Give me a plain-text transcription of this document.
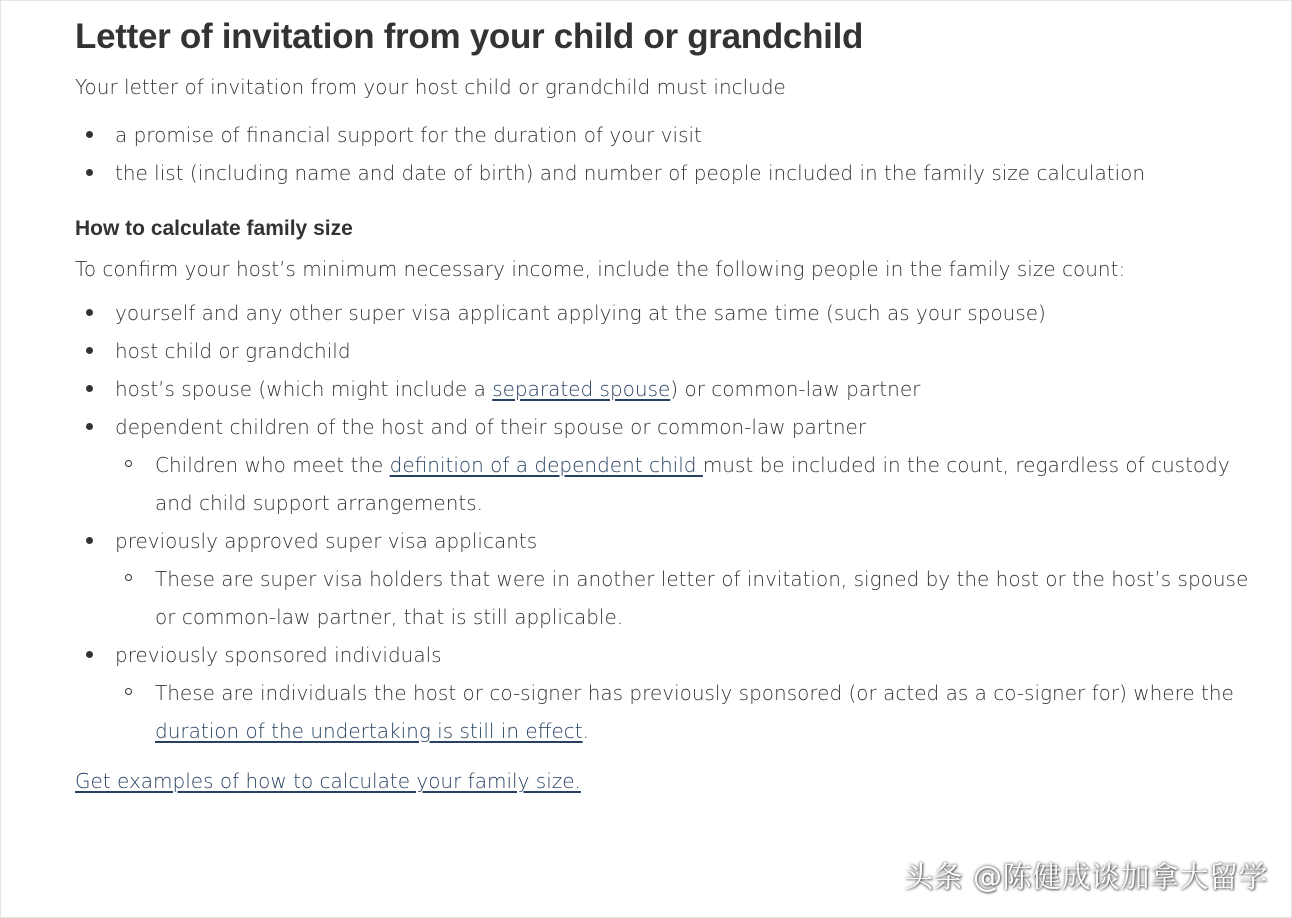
Letter of invitation from your child or grandchild

Your letter of invitation from your host child or grandchild must include

a promise of financial support for the duration of your visit
the list (including name and date of birth) and number of people included in the family size calculation
How to calculate family size

To confirm your host’s minimum necessary income, include the following people in the family size count:

yourself and any other super visa applicant applying at the same time (such as your spouse)
host child or grandchild
host’s spouse (which might include a separated spouse) or common-law partner
dependent children of the host and of their spouse or common-law partner
Children who meet the definition of a dependent child must be included in the count, regardless of custody and child support arrangements.
previously approved super visa applicants
These are super visa holders that were in another letter of invitation, signed by the host or the host’s spouse or common-law partner, that is still applicable.
previously sponsored individuals
These are individuals the host or co-signer has previously sponsored (or acted as a co-signer for) where the duration of the undertaking is still in effect.
Get examples of how to calculate your family size.
头条 @陈健成谈加拿大留学
